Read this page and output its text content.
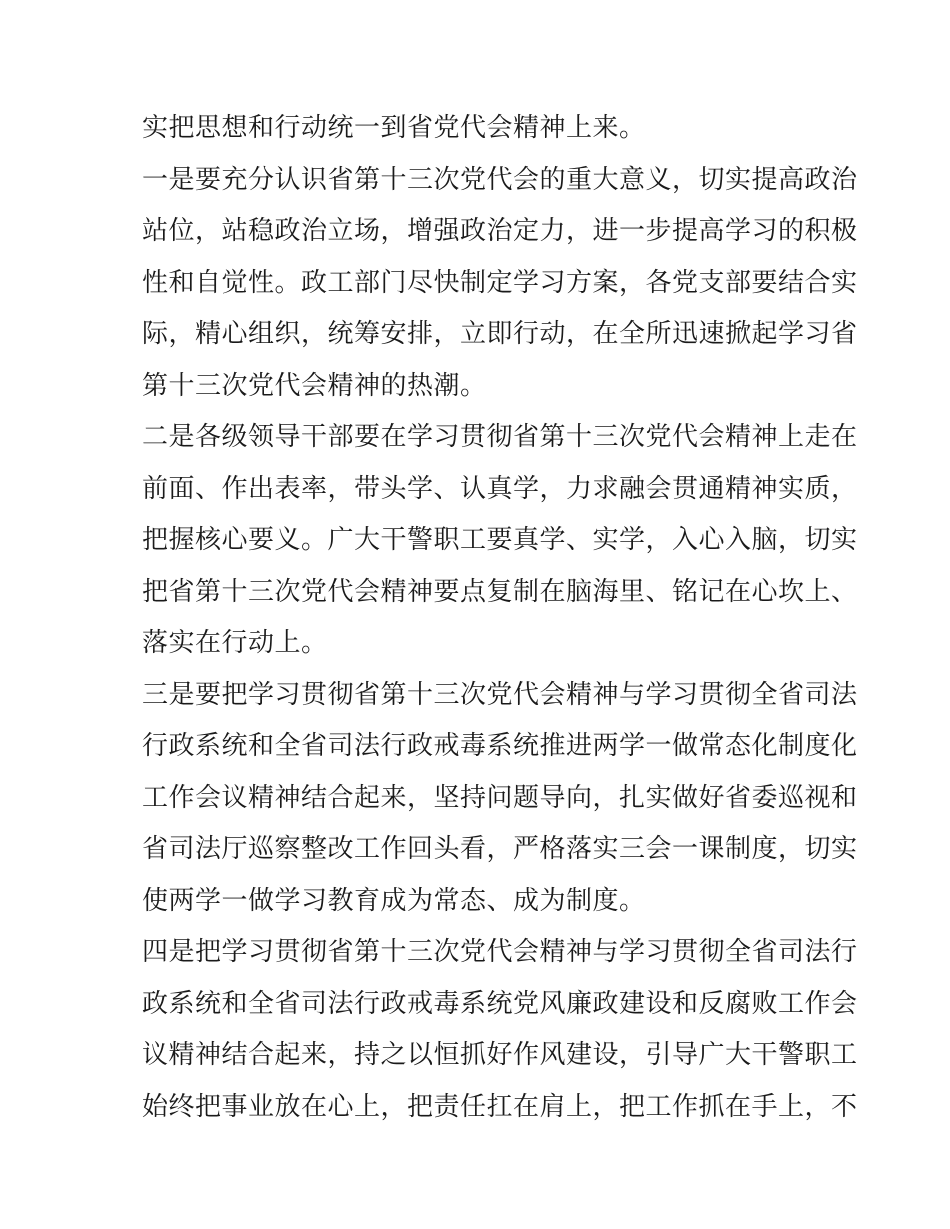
实把思想和行动统一到省党代会精神上来。
一是要充分认识省第十三次党代会的重大意义，切实提高政治
站位，站稳政治立场，增强政治定力，进一步提高学习的积极
性和自觉性。政工部门尽快制定学习方案，各党支部要结合实
际，精心组织，统筹安排，立即行动，在全所迅速掀起学习省
第十三次党代会精神的热潮。
二是各级领导干部要在学习贯彻省第十三次党代会精神上走在
前面、作出表率，带头学、认真学，力求融会贯通精神实质，
把握核心要义。广大干警职工要真学、实学，入心入脑，切实
把省第十三次党代会精神要点复制在脑海里、铭记在心坎上、
落实在行动上。
三是要把学习贯彻省第十三次党代会精神与学习贯彻全省司法
行政系统和全省司法行政戒毒系统推进两学一做常态化制度化
工作会议精神结合起来，坚持问题导向，扎实做好省委巡视和
省司法厅巡察整改工作回头看，严格落实三会一课制度，切实
使两学一做学习教育成为常态、成为制度。
四是把学习贯彻省第十三次党代会精神与学习贯彻全省司法行
政系统和全省司法行政戒毒系统党风廉政建设和反腐败工作会
议精神结合起来，持之以恒抓好作风建设，引导广大干警职工
始终把事业放在心上，把责任扛在肩上，把工作抓在手上，不
